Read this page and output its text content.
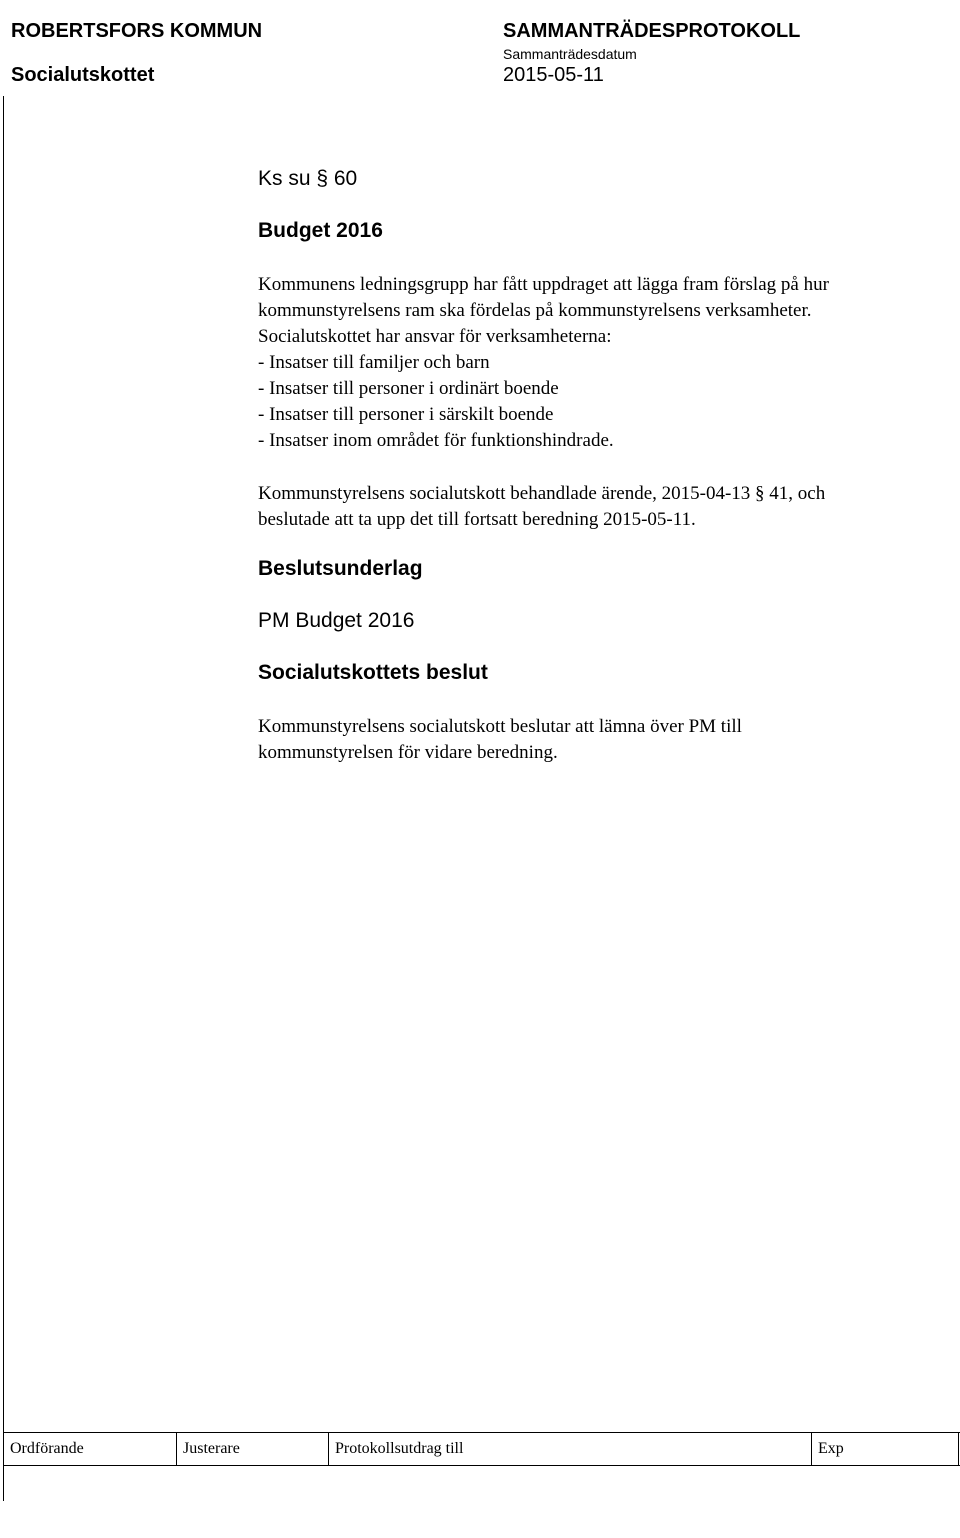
ROBERTSFORS KOMMUN	SAMMANTRÄDESPROTOKOLL
Sammanträdesdatum
Socialutskottet	2015-05-11
Ks su § 60
Budget 2016
Kommunens ledningsgrupp har fått uppdraget att lägga fram förslag på hur
kommunstyrelsens ram ska fördelas på kommunstyrelsens verksamheter.
Socialutskottet har ansvar för verksamheterna:
- Insatser till familjer och barn
- Insatser till personer i ordinärt boende
- Insatser till personer i särskilt boende
- Insatser inom området för funktionshindrade.
Kommunstyrelsens socialutskott behandlade ärende, 2015-04-13 § 41, och
beslutade att ta upp det till fortsatt beredning 2015-05-11.
Beslutsunderlag
PM Budget 2016
Socialutskottets beslut
Kommunstyrelsens socialutskott beslutar att lämna över PM till
kommunstyrelsen för vidare beredning.
Ordförande	Justerare	Protokollsutdrag till	Exp
